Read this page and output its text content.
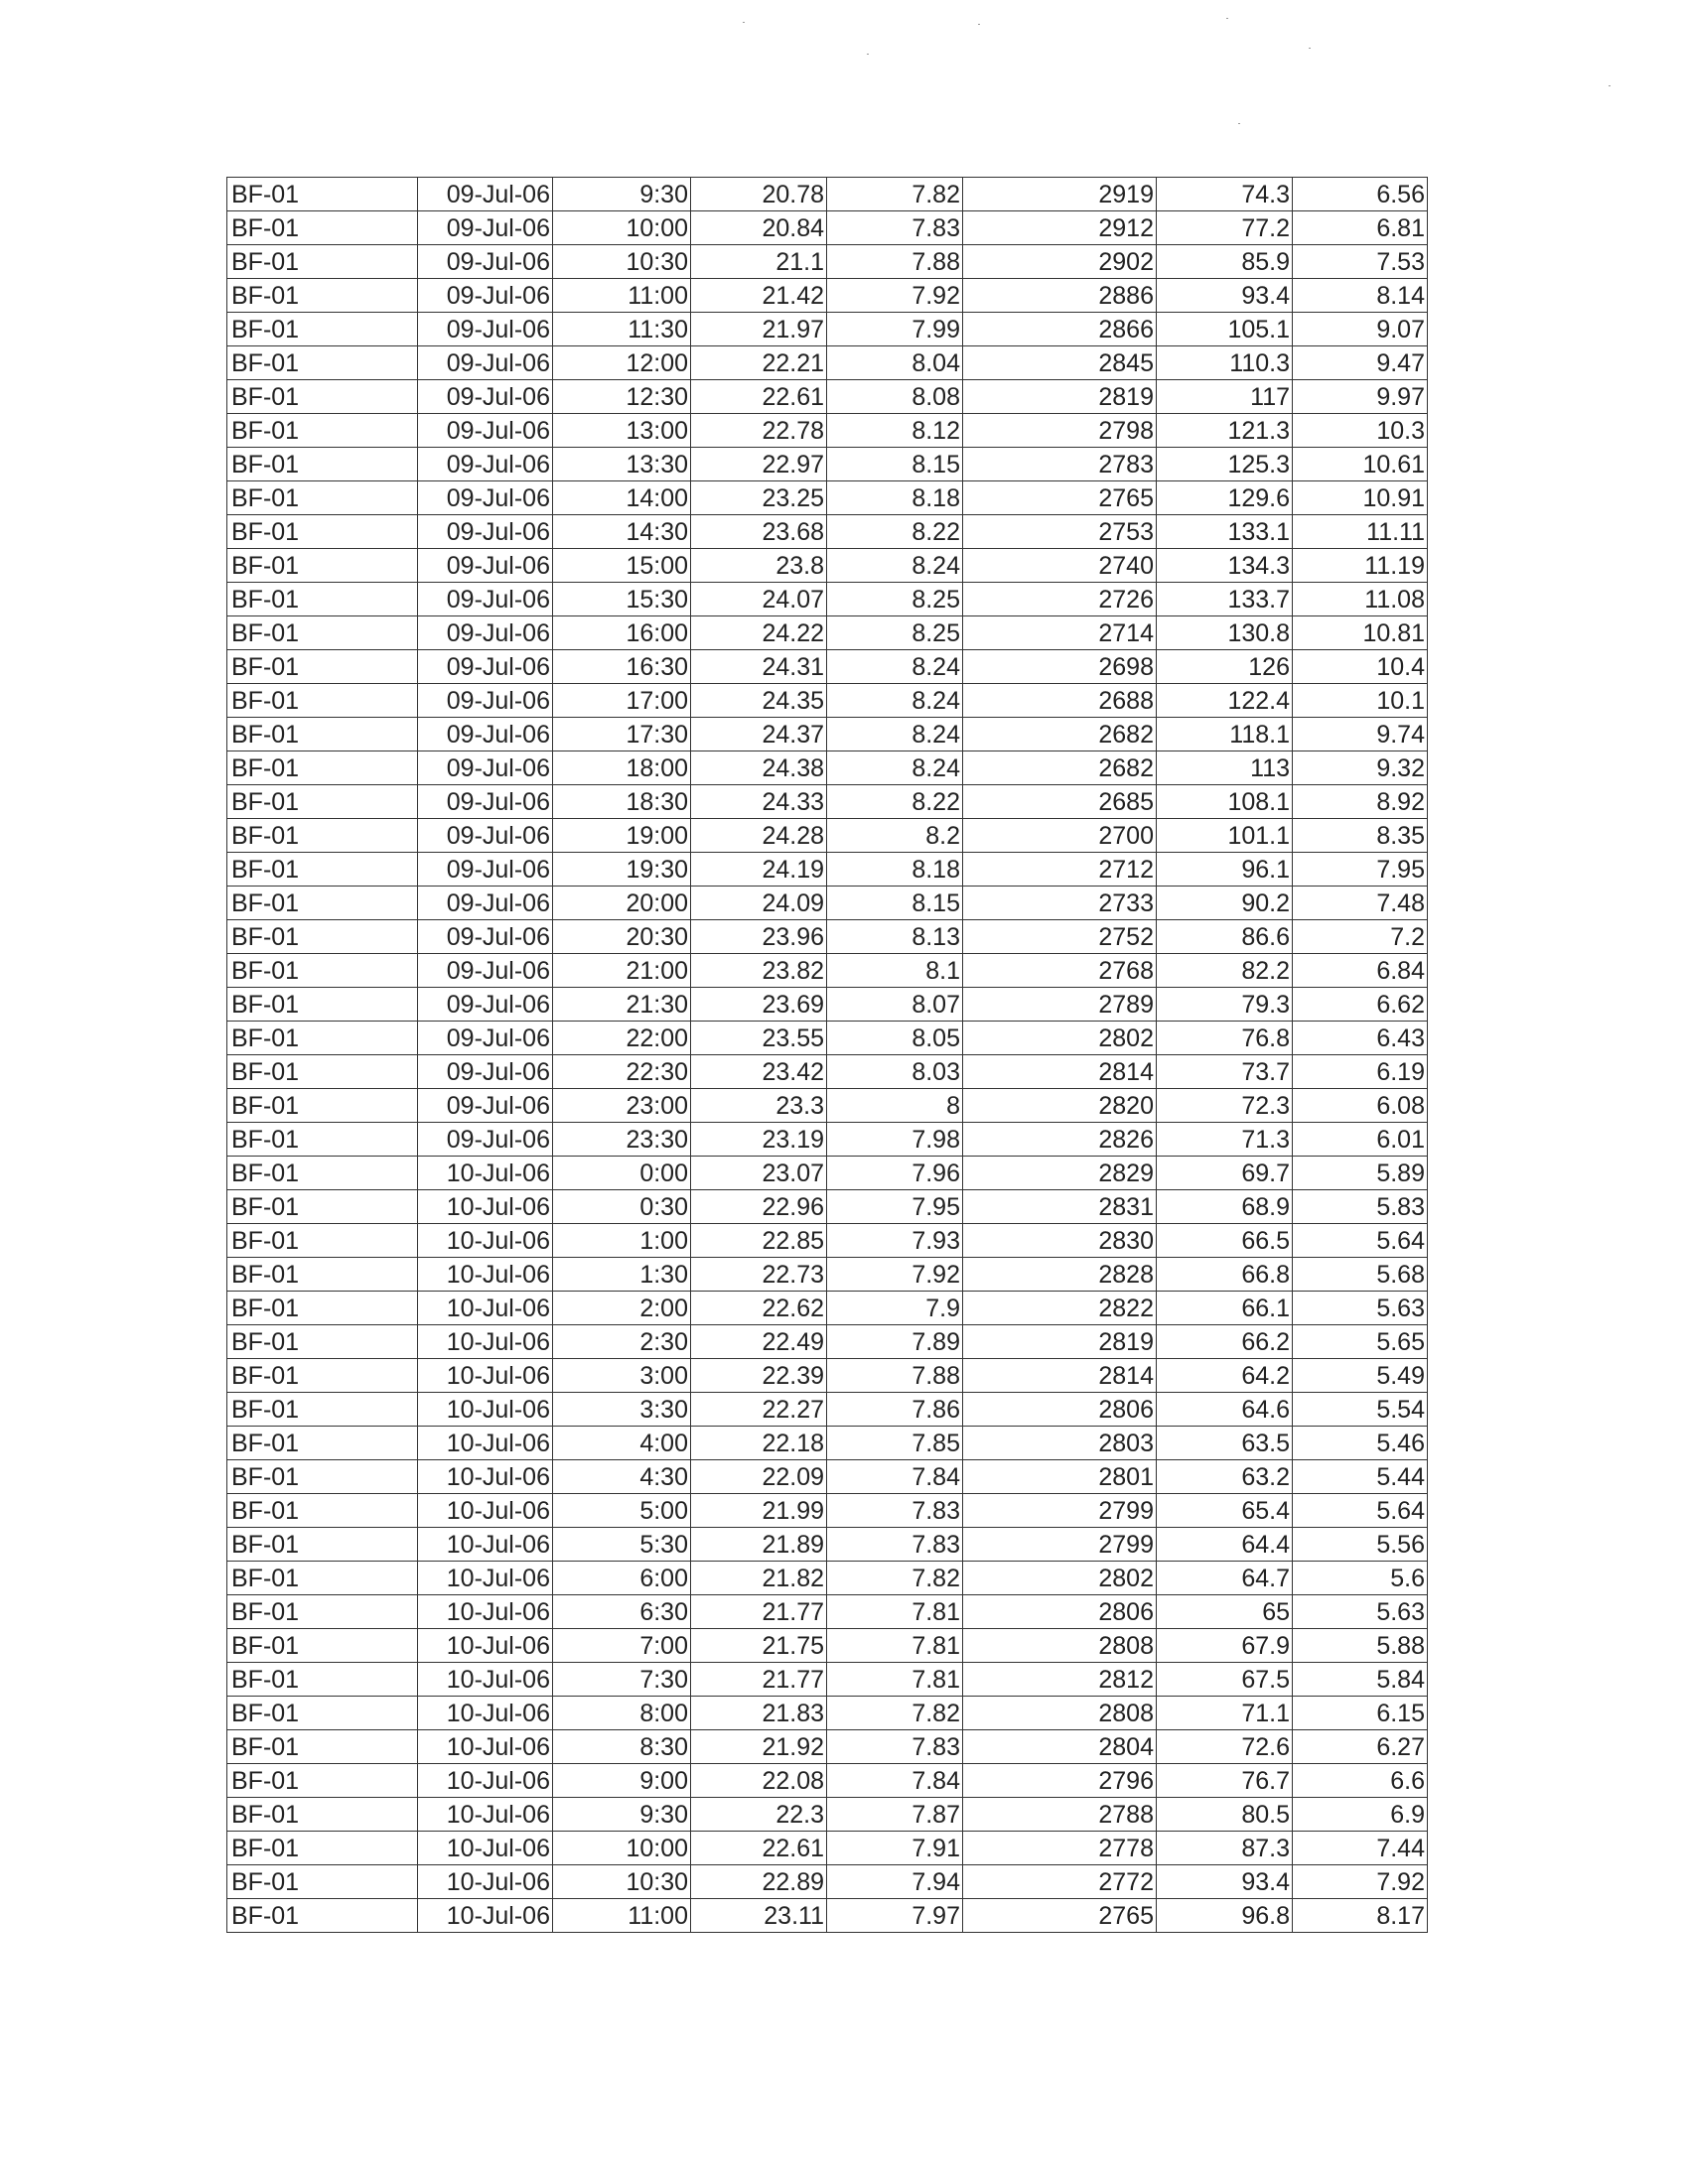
BF-01	09-Jul-06	9:30	20.78	7.82	2919	74.3	6.56
BF-01	09-Jul-06	10:00	20.84	7.83	2912	77.2	6.81
BF-01	09-Jul-06	10:30	21.1	7.88	2902	85.9	7.53
BF-01	09-Jul-06	11:00	21.42	7.92	2886	93.4	8.14
BF-01	09-Jul-06	11:30	21.97	7.99	2866	105.1	9.07
BF-01	09-Jul-06	12:00	22.21	8.04	2845	110.3	9.47
BF-01	09-Jul-06	12:30	22.61	8.08	2819	117	9.97
BF-01	09-Jul-06	13:00	22.78	8.12	2798	121.3	10.3
BF-01	09-Jul-06	13:30	22.97	8.15	2783	125.3	10.61
BF-01	09-Jul-06	14:00	23.25	8.18	2765	129.6	10.91
BF-01	09-Jul-06	14:30	23.68	8.22	2753	133.1	11.11
BF-01	09-Jul-06	15:00	23.8	8.24	2740	134.3	11.19
BF-01	09-Jul-06	15:30	24.07	8.25	2726	133.7	11.08
BF-01	09-Jul-06	16:00	24.22	8.25	2714	130.8	10.81
BF-01	09-Jul-06	16:30	24.31	8.24	2698	126	10.4
BF-01	09-Jul-06	17:00	24.35	8.24	2688	122.4	10.1
BF-01	09-Jul-06	17:30	24.37	8.24	2682	118.1	9.74
BF-01	09-Jul-06	18:00	24.38	8.24	2682	113	9.32
BF-01	09-Jul-06	18:30	24.33	8.22	2685	108.1	8.92
BF-01	09-Jul-06	19:00	24.28	8.2	2700	101.1	8.35
BF-01	09-Jul-06	19:30	24.19	8.18	2712	96.1	7.95
BF-01	09-Jul-06	20:00	24.09	8.15	2733	90.2	7.48
BF-01	09-Jul-06	20:30	23.96	8.13	2752	86.6	7.2
BF-01	09-Jul-06	21:00	23.82	8.1	2768	82.2	6.84
BF-01	09-Jul-06	21:30	23.69	8.07	2789	79.3	6.62
BF-01	09-Jul-06	22:00	23.55	8.05	2802	76.8	6.43
BF-01	09-Jul-06	22:30	23.42	8.03	2814	73.7	6.19
BF-01	09-Jul-06	23:00	23.3	8	2820	72.3	6.08
BF-01	09-Jul-06	23:30	23.19	7.98	2826	71.3	6.01
BF-01	10-Jul-06	0:00	23.07	7.96	2829	69.7	5.89
BF-01	10-Jul-06	0:30	22.96	7.95	2831	68.9	5.83
BF-01	10-Jul-06	1:00	22.85	7.93	2830	66.5	5.64
BF-01	10-Jul-06	1:30	22.73	7.92	2828	66.8	5.68
BF-01	10-Jul-06	2:00	22.62	7.9	2822	66.1	5.63
BF-01	10-Jul-06	2:30	22.49	7.89	2819	66.2	5.65
BF-01	10-Jul-06	3:00	22.39	7.88	2814	64.2	5.49
BF-01	10-Jul-06	3:30	22.27	7.86	2806	64.6	5.54
BF-01	10-Jul-06	4:00	22.18	7.85	2803	63.5	5.46
BF-01	10-Jul-06	4:30	22.09	7.84	2801	63.2	5.44
BF-01	10-Jul-06	5:00	21.99	7.83	2799	65.4	5.64
BF-01	10-Jul-06	5:30	21.89	7.83	2799	64.4	5.56
BF-01	10-Jul-06	6:00	21.82	7.82	2802	64.7	5.6
BF-01	10-Jul-06	6:30	21.77	7.81	2806	65	5.63
BF-01	10-Jul-06	7:00	21.75	7.81	2808	67.9	5.88
BF-01	10-Jul-06	7:30	21.77	7.81	2812	67.5	5.84
BF-01	10-Jul-06	8:00	21.83	7.82	2808	71.1	6.15
BF-01	10-Jul-06	8:30	21.92	7.83	2804	72.6	6.27
BF-01	10-Jul-06	9:00	22.08	7.84	2796	76.7	6.6
BF-01	10-Jul-06	9:30	22.3	7.87	2788	80.5	6.9
BF-01	10-Jul-06	10:00	22.61	7.91	2778	87.3	7.44
BF-01	10-Jul-06	10:30	22.89	7.94	2772	93.4	7.92
BF-01	10-Jul-06	11:00	23.11	7.97	2765	96.8	8.17
